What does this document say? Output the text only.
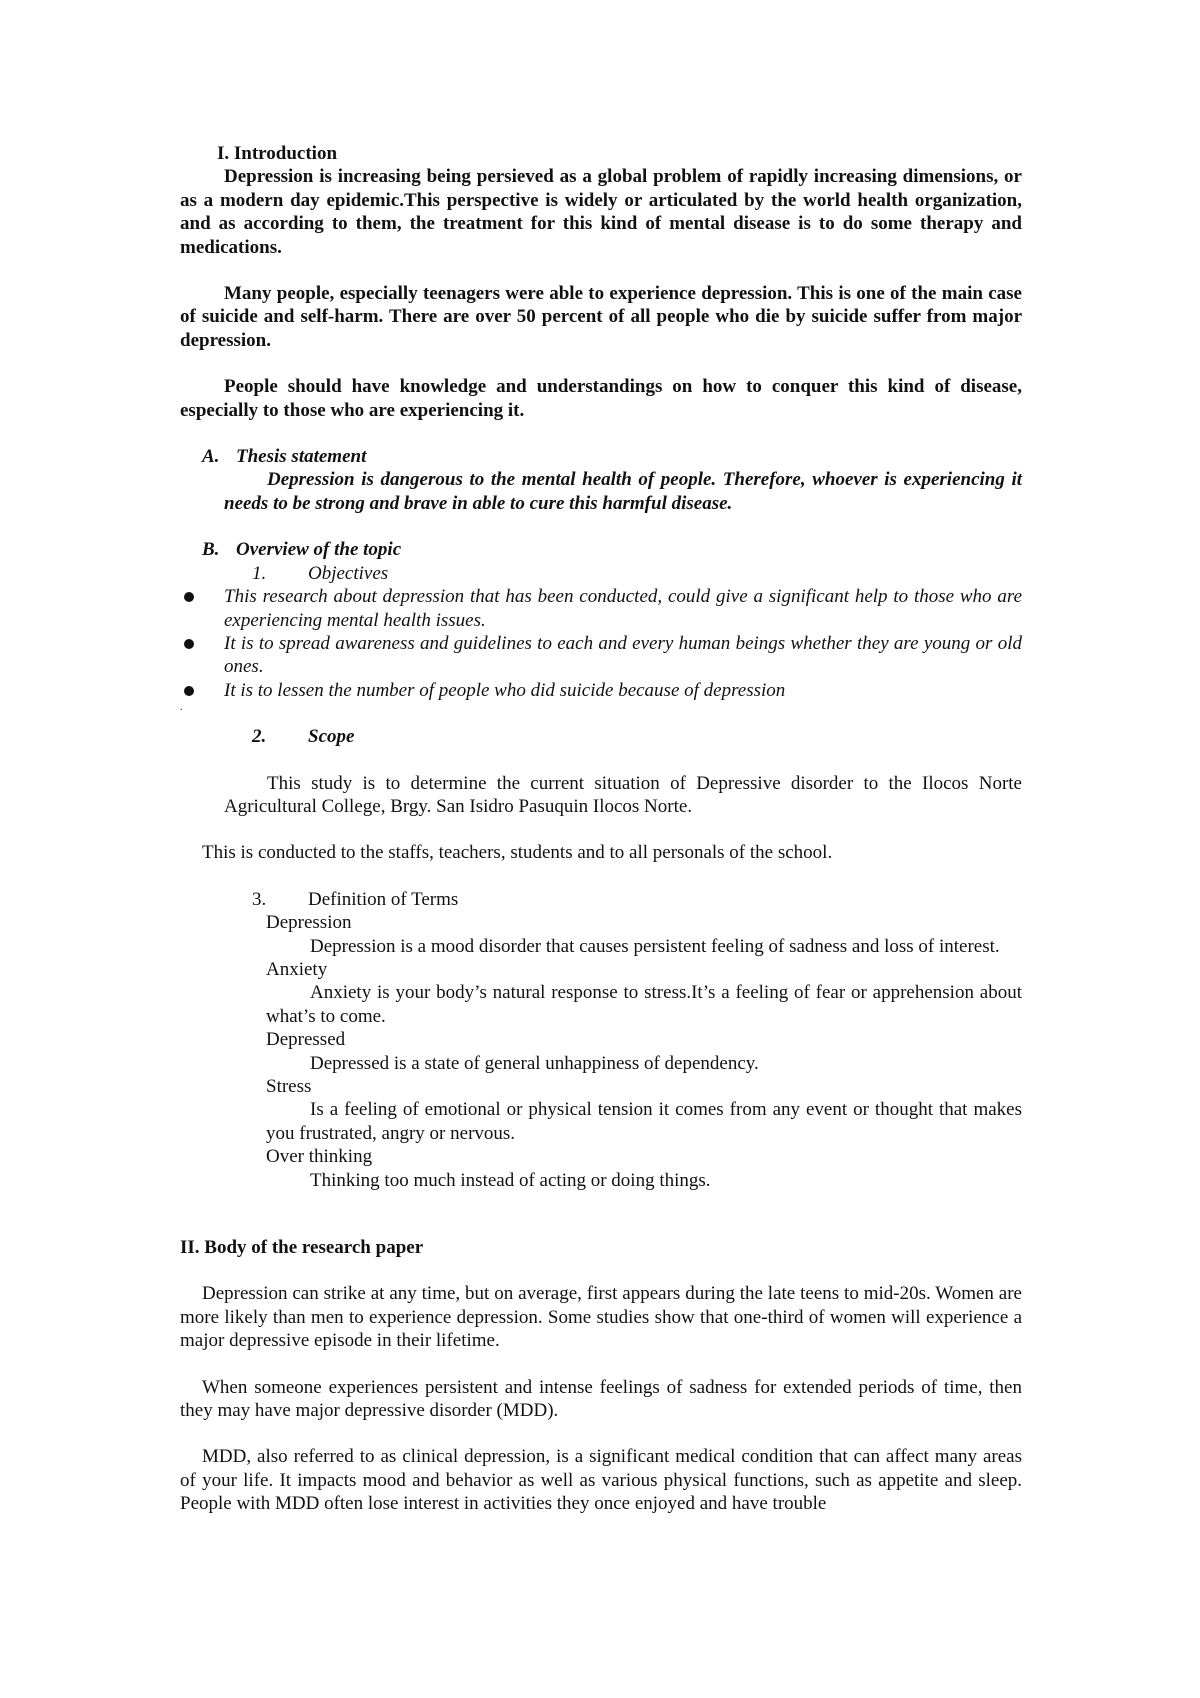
I. Introduction

Depression is increasing being persieved as a global problem of rapidly increasing dimensions, or as a modern day epidemic.This perspective is widely or articulated by the world health organization, and as according to them, the treatment for this kind of mental disease is to do some therapy and medications.

Many people, especially teenagers were able to experience depression. This is one of the main case of suicide and self-harm. There are over 50 percent of all people who die by suicide suffer from major depression.

People should have knowledge and understandings on how to conquer this kind of disease, especially to those who are experiencing it.

A. Thesis statement

Depression is dangerous to the mental health of people. Therefore, whoever is experiencing it needs to be strong and brave in able to cure this harmful disease.

B. Overview of the topic

1. Objectives

This research about depression that has been conducted, could give a significant help to those who are experiencing mental health issues.
It is to spread awareness and guidelines to each and every human beings whether they are young or old ones.
It is to lessen the number of people who did suicide because of depression

.

2. Scope

This study is to determine the current situation of Depressive disorder to the Ilocos Norte Agricultural College, Brgy. San Isidro Pasuquin Ilocos Norte.

This is conducted to the staffs, teachers, students and to all personals of the school.

3. Definition of Terms

Depression

Depression is a mood disorder that causes persistent feeling of sadness and loss of interest.

Anxiety

Anxiety is your body’s natural response to stress.It’s a feeling of fear or apprehension about what’s to come.

Depressed

Depressed is a state of general unhappiness of dependency.

Stress

Is a feeling of emotional or physical tension it comes from any event or thought that makes you frustrated, angry or nervous.

Over thinking

Thinking too much instead of acting or doing things.

II. Body of the research paper

Depression can strike at any time, but on average, first appears during the late teens to mid-20s. Women are more likely than men to experience depression. Some studies show that one-third of women will experience a major depressive episode in their lifetime.

When someone experiences persistent and intense feelings of sadness for extended periods of time, then they may have major depressive disorder (MDD).

MDD, also referred to as clinical depression, is a significant medical condition that can affect many areas of your life. It impacts mood and behavior as well as various physical functions, such as appetite and sleep. People with MDD often lose interest in activities they once enjoyed and have trouble
